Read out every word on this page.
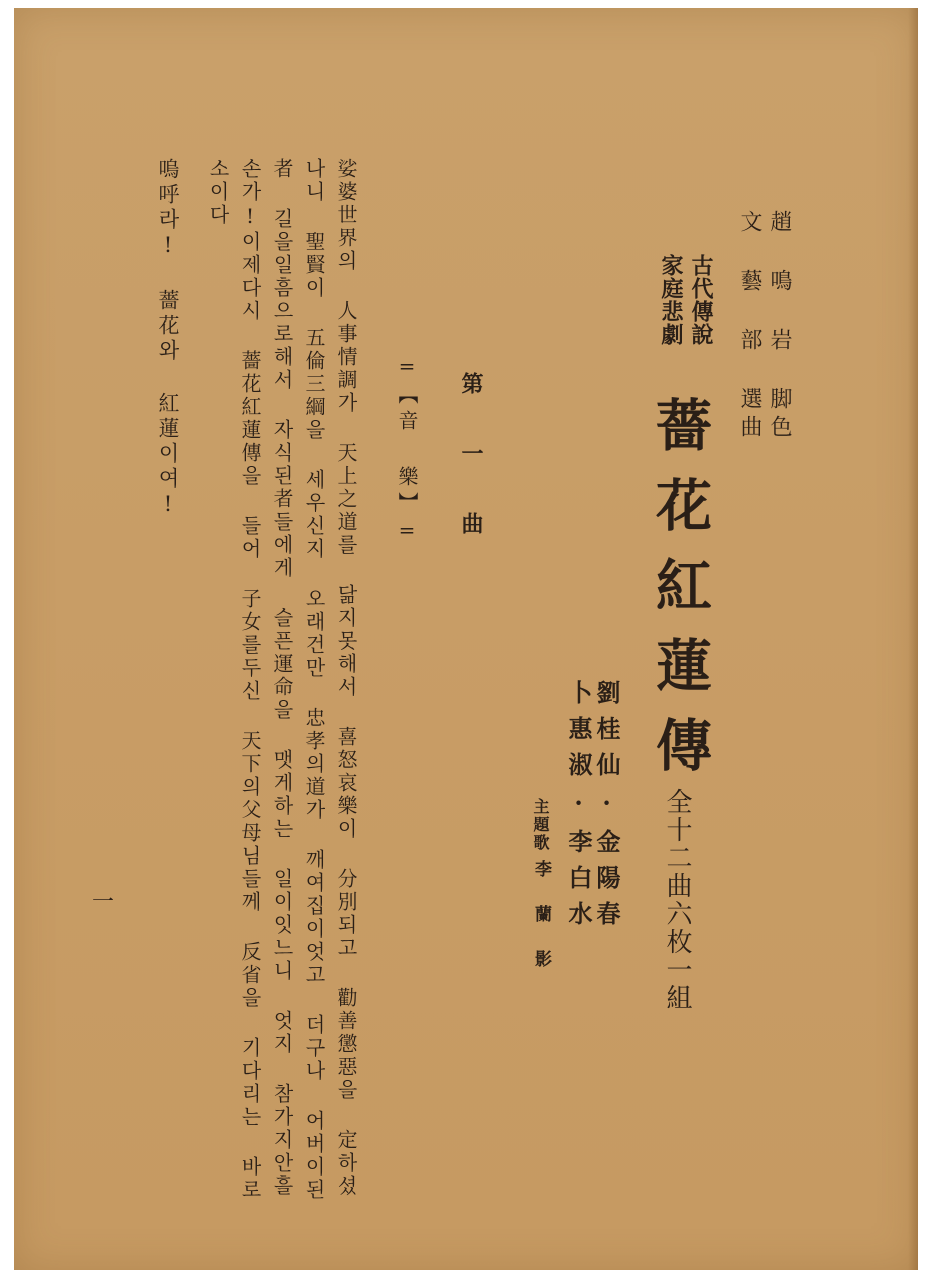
趙 鳴 岩 脚色
文 藝 部 選曲
古代傳說
家庭悲劇
薔花紅蓮傳
全十二曲六枚一組
劉桂仙·金陽春
卜惠淑·李白水
主題歌
李蘭影
第一曲
=【音 樂】=
娑婆世界의 人事情調가 天上之道를 닮지못해서 喜怒哀樂이 分別되고 勸善懲惡을 定하셨
나니 聖賢이 五倫三綱을 세우신지 오래건만 忠孝의道가 깨여집이엇고 더구나 어버이된
者 길을일흠으로해서 자식된者들에게 슬픈運命을 맷게하는 일이잇느니 엇지 참가지안흘
손가!이제다시 薔花紅蓮傳을 들어 子女를두신 天下의父母님들께 反省을 기다리는 바로
소이다
嗚呼라! 薔花와 紅蓮이여!
一
